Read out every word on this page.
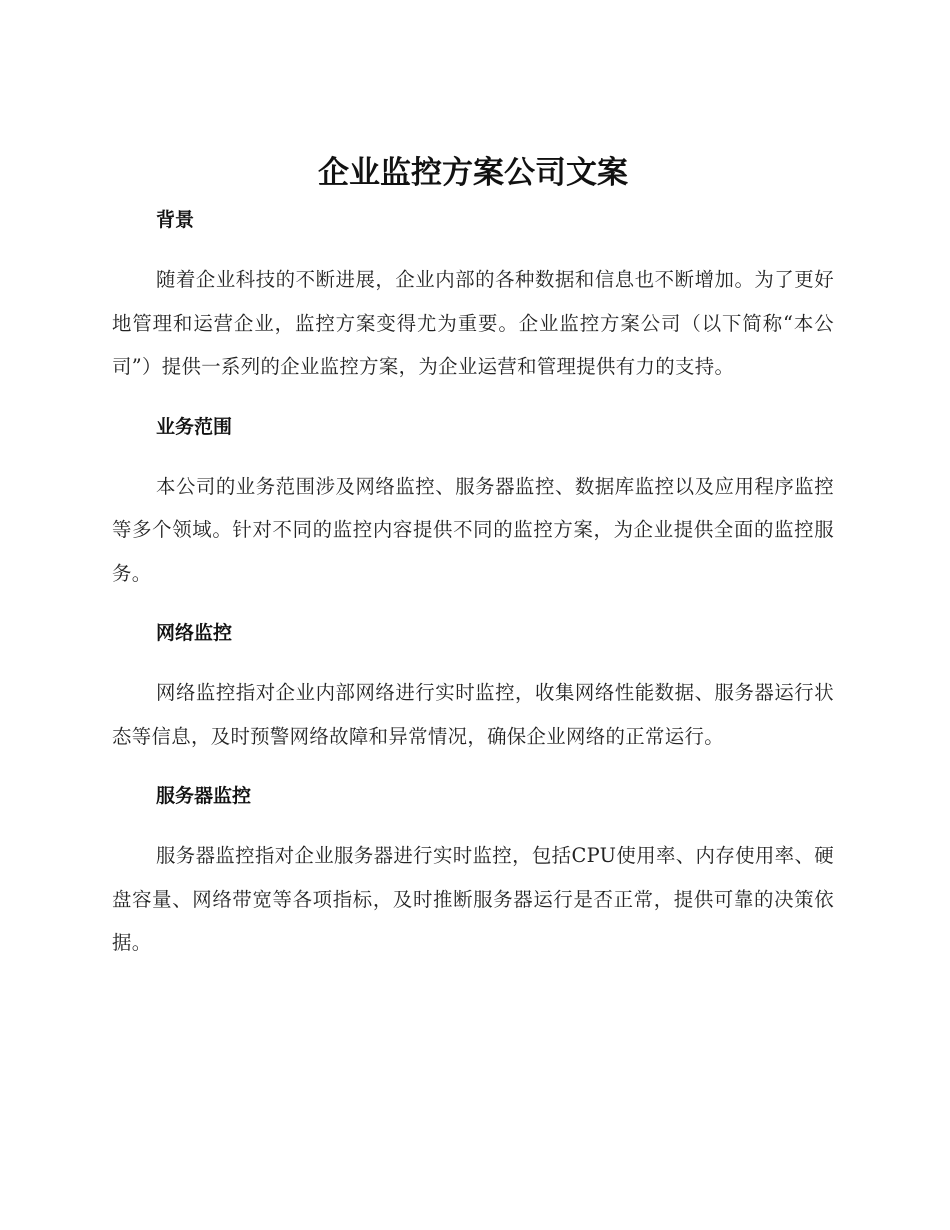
企业监控方案公司文案
背景

随着企业科技的不断进展，企业内部的各种数据和信息也不断增加。为了更好地管理和运营企业，监控方案变得尤为重要。企业监控方案公司（以下简称“本公司”）提供一系列的企业监控方案，为企业运营和管理提供有力的支持。

业务范围

本公司的业务范围涉及网络监控、服务器监控、数据库监控以及应用程序监控等多个领域。针对不同的监控内容提供不同的监控方案，为企业提供全面的监控服务。

网络监控

网络监控指对企业内部网络进行实时监控，收集网络性能数据、服务器运行状态等信息，及时预警网络故障和异常情况，确保企业网络的正常运行。

服务器监控

服务器监控指对企业服务器进行实时监控，包括CPU使用率、内存使用率、硬盘容量、网络带宽等各项指标，及时推断服务器运行是否正常，提供可靠的决策依据。
